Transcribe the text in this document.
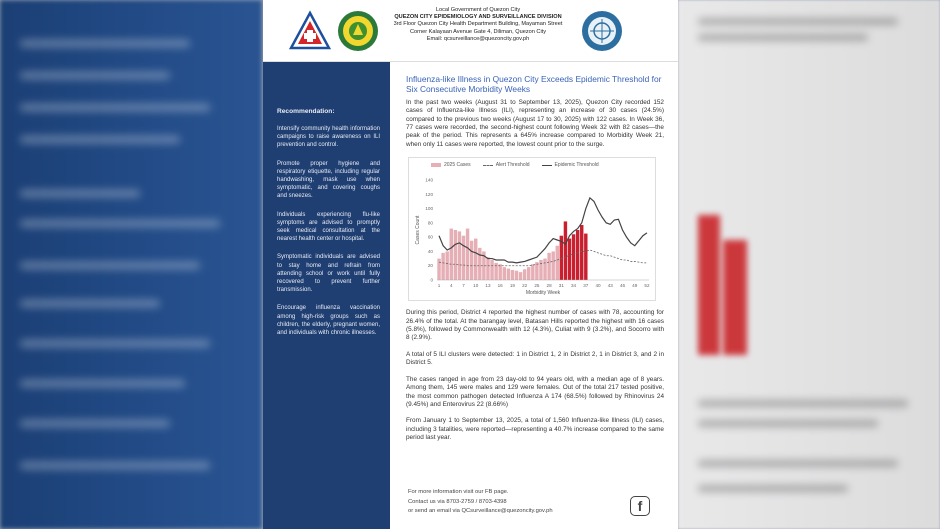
Local Government of Quezon City
QUEZON CITY EPIDEMIOLOGY AND SURVEILLANCE DIVISION
3rd Floor Quezon City Health Department Building, Mayaman Street
Corner Kalayaan Avenue Gate 4, Diliman, Quezon City
Email: qcsurveillance@quezoncity.gov.ph
Recommendation:

Intensify community health information campaigns to raise awareness on ILI prevention and control.

Promote proper hygiene and respiratory etiquette, including regular handwashing, mask use when symptomatic, and covering coughs and sneezes.

Individuals experiencing flu-like symptoms are advised to promptly seek medical consultation at the nearest health center or hospital.

Symptomatic individuals are advised to stay home and refrain from attending school or work until fully recovered to prevent further transmission.

Encourage influenza vaccination among high-risk groups such as children, the elderly, pregnant women, and individuals with chronic illnesses.

Influenza-like Illness in Quezon City Exceeds Epidemic Threshold for Six Consecutive Morbidity Weeks

In the past two weeks (August 31 to September 13, 2025), Quezon City recorded 152 cases of Influenza-like Illness (ILI), representing an increase of 30 cases (24.5%) compared to the previous two weeks (August 17 to 30, 2025) with 122 cases. In Week 36, 77 cases were recorded, the second-highest count following Week 32 with 82 cases—the peak of the period. This represents a 645% increase compared to Morbidity Week 21, when only 11 cases were reported, the lowest count prior to the surge.

2025 Cases	Alert Threshold	Epidemic Threshold
0
20
40
60
80
100
120
140
1 4 7 10 13 16 19 22 25 28 31 34 37 40 43 46 49 52
Morbidity Week
Cases Count

During this period, District 4 reported the highest number of cases with 78, accounting for 26.4% of the total. At the barangay level, Batasan Hills reported the highest with 16 cases (5.8%), followed by Commonwealth with 12 (4.3%), Culiat with 9 (3.2%), and Socorro with 8 (2.9%).

A total of 5 ILI clusters were detected: 1 in District 1, 2 in District 2, 1 in District 3, and 2 in District 5.

The cases ranged in age from 23 day-old to 94 years old, with a median age of 8 years. Among them, 145 were males and 129 were females. Out of the total 217 tested positive, the most common pathogen detected Influenza A 174 (68.5%) followed by Rhinovirus 24 (9.45%) and Enterovirus 22 (8.66%)

From January 1 to September 13, 2025, a total of 1,560 Influenza-like Illness (ILI) cases, including 3 fatalities, were reported—representing a 40.7% increase compared to the same period last year.

For more information visit our FB page.
Contact us via 8703-2759 / 8703-4398
or send an email via QCsurveillance@quezoncity.gov.ph	f
